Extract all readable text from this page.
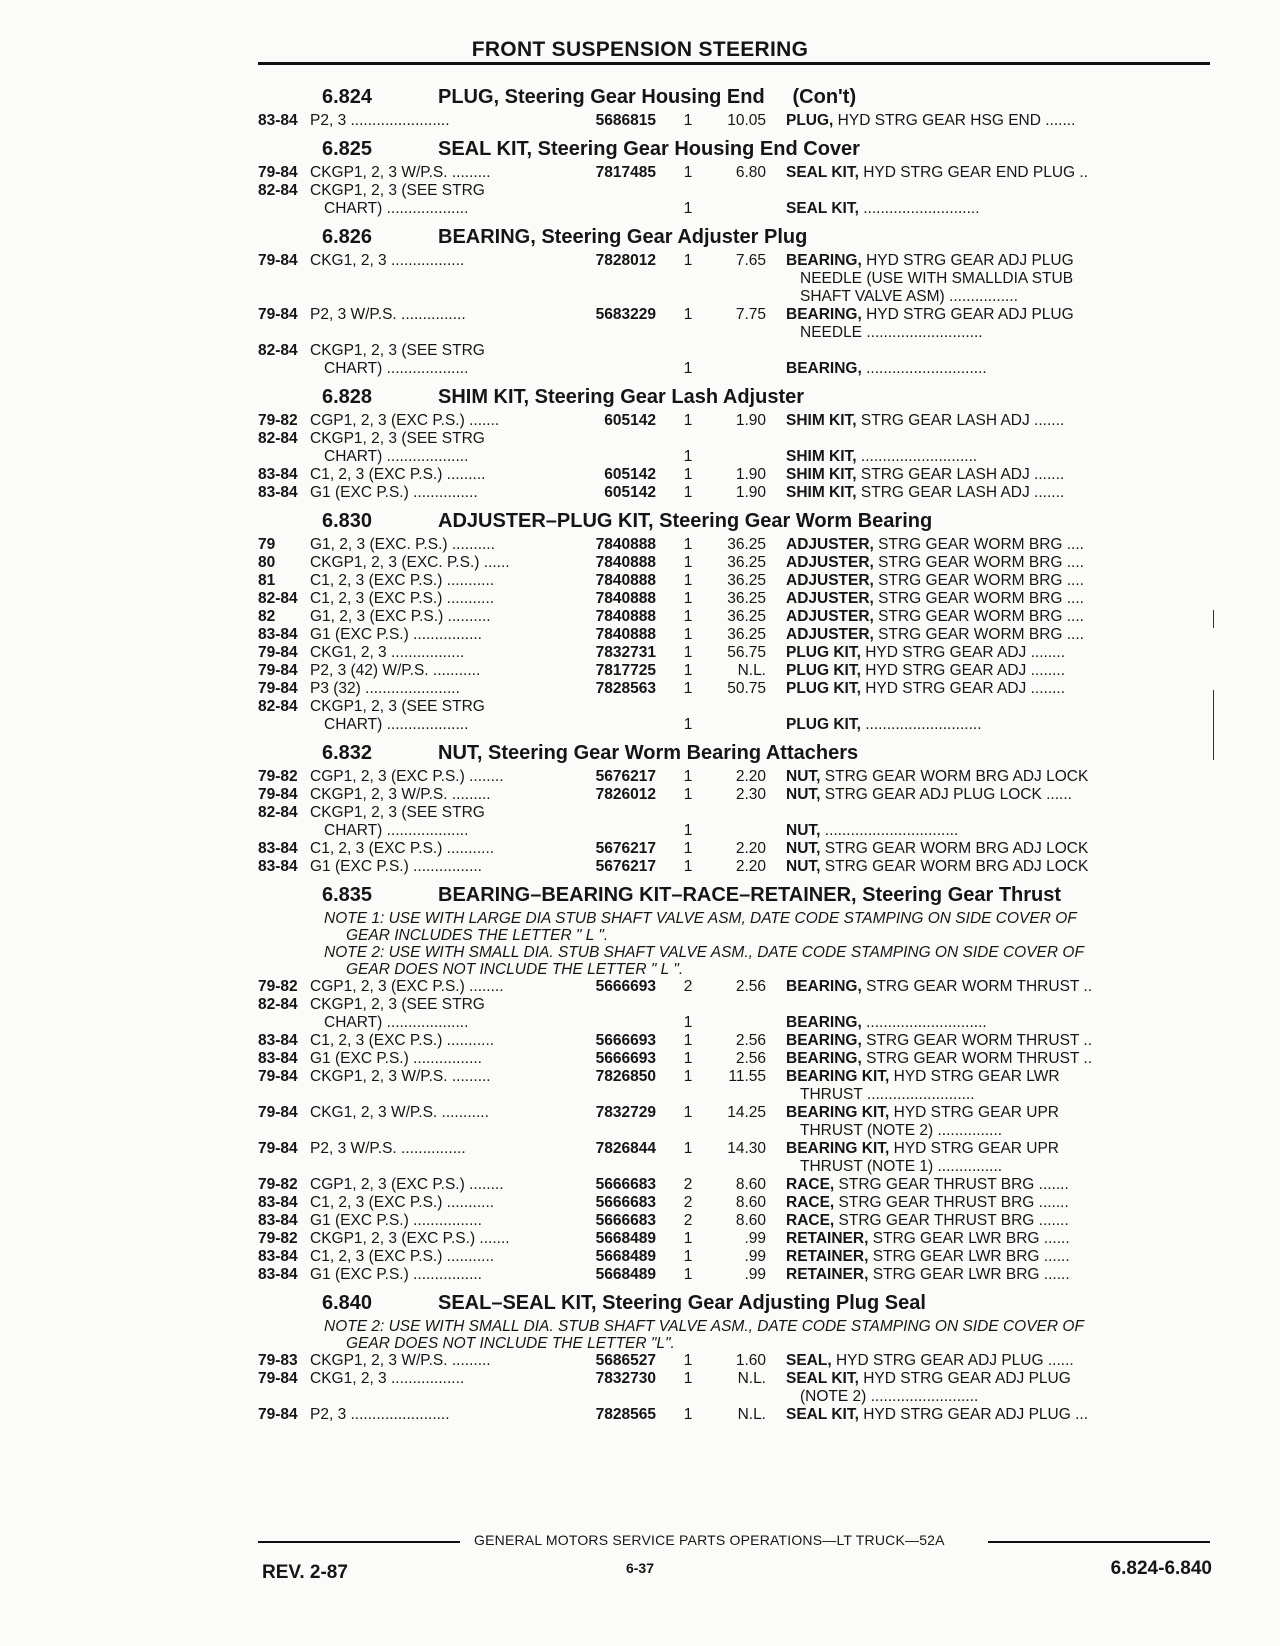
FRONT SUSPENSION STEERING
6.824	PLUG, Steering Gear Housing End     (Con't)
83-84 P2, 3 .......................	5686815	1	10.05	PLUG, HYD STRG GEAR HSG END .......
6.825	SEAL KIT, Steering Gear Housing End Cover
79-84 CKGP1, 2, 3 W/P.S. .........	7817485	1	6.80	SEAL KIT, HYD STRG GEAR END PLUG ..
82-84 CKGP1, 2, 3 (SEE STRG
CHART) ...................	1	SEAL KIT, ...........................
6.826	BEARING, Steering Gear Adjuster Plug
79-84 CKG1, 2, 3 .................	7828012	1	7.65	BEARING, HYD STRG GEAR ADJ PLUG
NEEDLE (USE WITH SMALLDIA STUB
SHAFT VALVE ASM) ................
79-84 P2, 3 W/P.S. ...............	5683229	1	7.75	BEARING, HYD STRG GEAR ADJ PLUG
NEEDLE ...........................
82-84 CKGP1, 2, 3 (SEE STRG
CHART) ...................	1	BEARING, ............................
6.828	SHIM KIT, Steering Gear Lash Adjuster
79-82 CGP1, 2, 3 (EXC P.S.) .......	605142	1	1.90	SHIM KIT, STRG GEAR LASH ADJ .......
82-84 CKGP1, 2, 3 (SEE STRG
CHART) ...................	1	SHIM KIT, ...........................
83-84 C1, 2, 3 (EXC P.S.) .........	605142	1	1.90	SHIM KIT, STRG GEAR LASH ADJ .......
83-84 G1 (EXC P.S.) ...............	605142	1	1.90	SHIM KIT, STRG GEAR LASH ADJ .......
6.830	ADJUSTER–PLUG KIT, Steering Gear Worm Bearing
79	G1, 2, 3 (EXC. P.S.) ..........	7840888	1	36.25	ADJUSTER, STRG GEAR WORM BRG ....
80	CKGP1, 2, 3 (EXC. P.S.) ......	7840888	1	36.25	ADJUSTER, STRG GEAR WORM BRG ....
81	C1, 2, 3 (EXC P.S.) ...........	7840888	1	36.25	ADJUSTER, STRG GEAR WORM BRG ....
82-84 C1, 2, 3 (EXC P.S.) ...........	7840888	1	36.25	ADJUSTER, STRG GEAR WORM BRG ....
82	G1, 2, 3 (EXC P.S.) ..........	7840888	1	36.25	ADJUSTER, STRG GEAR WORM BRG ....
83-84 G1 (EXC P.S.) ................	7840888	1	36.25	ADJUSTER, STRG GEAR WORM BRG ....
79-84 CKG1, 2, 3 .................	7832731	1	56.75	PLUG KIT, HYD STRG GEAR ADJ ........
79-84 P2, 3 (42) W/P.S. ...........	7817725	1	N.L.	PLUG KIT, HYD STRG GEAR ADJ ........
79-84 P3 (32) ......................	7828563	1	50.75	PLUG KIT, HYD STRG GEAR ADJ ........
82-84 CKGP1, 2, 3 (SEE STRG
CHART) ...................	1	PLUG KIT, ...........................
6.832	NUT, Steering Gear Worm Bearing Attachers
79-82 CGP1, 2, 3 (EXC P.S.) ........	5676217	1	2.20	NUT, STRG GEAR WORM BRG ADJ LOCK
79-84 CKGP1, 2, 3 W/P.S. .........	7826012	1	2.30	NUT, STRG GEAR ADJ PLUG LOCK ......
82-84 CKGP1, 2, 3 (SEE STRG
CHART) ...................	1	NUT, ...............................
83-84 C1, 2, 3 (EXC P.S.) ...........	5676217	1	2.20	NUT, STRG GEAR WORM BRG ADJ LOCK
83-84 G1 (EXC P.S.) ................	5676217	1	2.20	NUT, STRG GEAR WORM BRG ADJ LOCK
6.835	BEARING–BEARING KIT–RACE–RETAINER, Steering Gear Thrust
NOTE 1: USE WITH LARGE DIA STUB SHAFT VALVE ASM, DATE CODE STAMPING ON SIDE COVER OF

GEAR INCLUDES THE LETTER " L ".
NOTE 2: USE WITH SMALL DIA. STUB SHAFT VALVE ASM., DATE CODE STAMPING ON SIDE COVER OF

GEAR DOES NOT INCLUDE THE LETTER " L ".
79-82 CGP1, 2, 3 (EXC P.S.) ........	5666693	2	2.56	BEARING, STRG GEAR WORM THRUST ..
82-84 CKGP1, 2, 3 (SEE STRG
CHART) ...................	1	BEARING, ............................
83-84 C1, 2, 3 (EXC P.S.) ...........	5666693	1	2.56	BEARING, STRG GEAR WORM THRUST ..
83-84 G1 (EXC P.S.) ................	5666693	1	2.56	BEARING, STRG GEAR WORM THRUST ..
79-84 CKGP1, 2, 3 W/P.S. .........	7826850	1	11.55	BEARING KIT, HYD STRG GEAR LWR
THRUST .........................
79-84 CKG1, 2, 3 W/P.S. ...........	7832729	1	14.25	BEARING KIT, HYD STRG GEAR UPR
THRUST (NOTE 2) ...............
79-84 P2, 3 W/P.S. ...............	7826844	1	14.30	BEARING KIT, HYD STRG GEAR UPR
THRUST (NOTE 1) ...............
79-82 CGP1, 2, 3 (EXC P.S.) ........	5666683	2	8.60	RACE, STRG GEAR THRUST BRG .......
83-84 C1, 2, 3 (EXC P.S.) ...........	5666683	2	8.60	RACE, STRG GEAR THRUST BRG .......
83-84 G1 (EXC P.S.) ................	5666683	2	8.60	RACE, STRG GEAR THRUST BRG .......
79-82 CKGP1, 2, 3 (EXC P.S.) .......	5668489	1	.99	RETAINER, STRG GEAR LWR BRG ......
83-84 C1, 2, 3 (EXC P.S.) ...........	5668489	1	.99	RETAINER, STRG GEAR LWR BRG ......
83-84 G1 (EXC P.S.) ................	5668489	1	.99	RETAINER, STRG GEAR LWR BRG ......
6.840	SEAL–SEAL KIT, Steering Gear Adjusting Plug Seal
NOTE 2: USE WITH SMALL DIA. STUB SHAFT VALVE ASM., DATE CODE STAMPING ON SIDE COVER OF

GEAR DOES NOT INCLUDE THE LETTER "L".
79-83 CKGP1, 2, 3 W/P.S. .........	5686527	1	1.60	SEAL, HYD STRG GEAR ADJ PLUG ......
79-84 CKG1, 2, 3 .................	7832730	1	N.L.	SEAL KIT, HYD STRG GEAR ADJ PLUG
(NOTE 2) .........................
79-84 P2, 3 .......................	7828565	1	N.L.	SEAL KIT, HYD STRG GEAR ADJ PLUG ...
GENERAL MOTORS SERVICE PARTS OPERATIONS—LT TRUCK—52A
REV. 2-87	6-37	6.824-6.840
